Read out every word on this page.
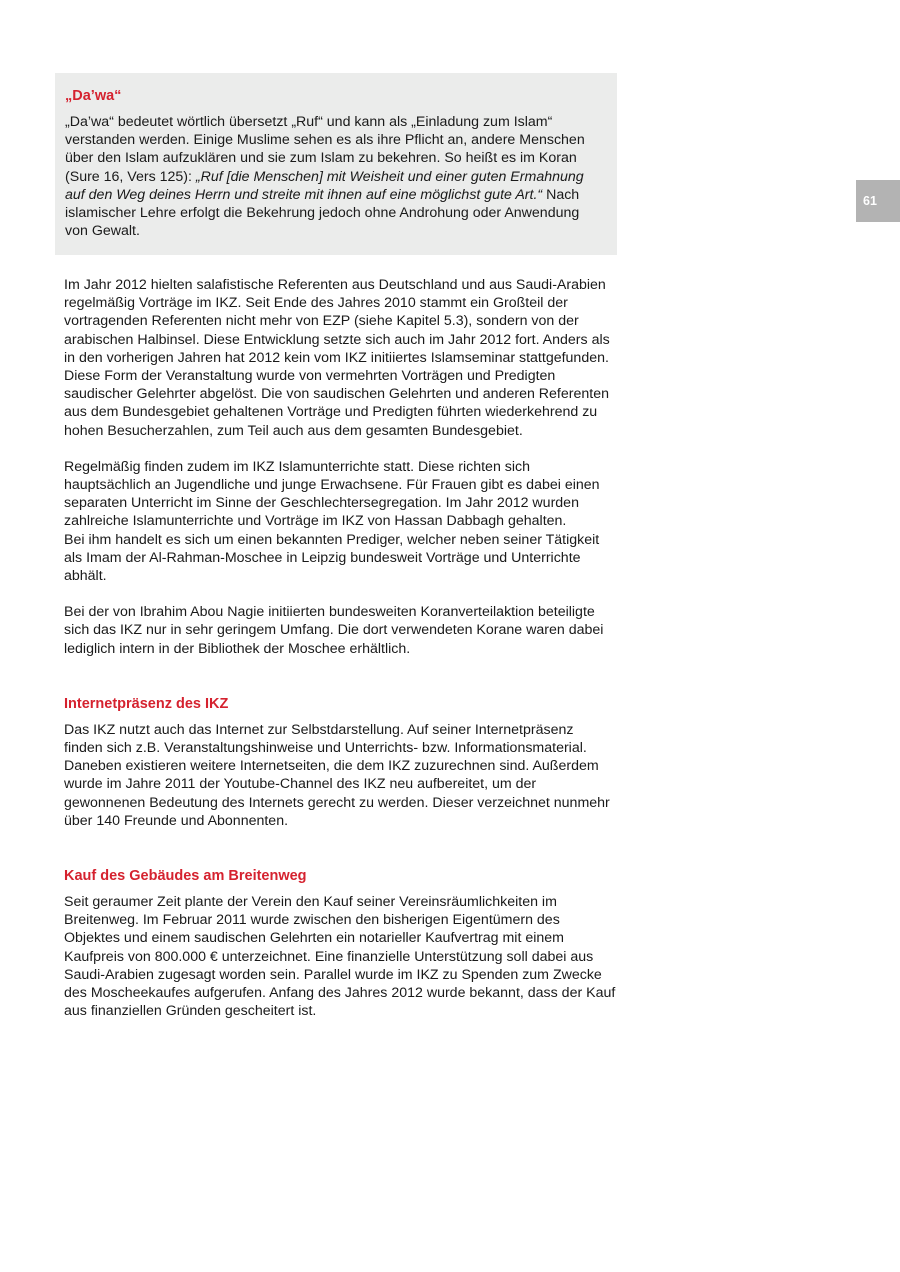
„Da’wa“

„Da’wa“ bedeutet wörtlich übersetzt „Ruf“ und kann als „Einladung zum Islam“ verstanden werden. Einige Muslime sehen es als ihre Pflicht an, andere Menschen über den Islam aufzuklären und sie zum Islam zu bekehren. So heißt es im Koran (Sure 16, Vers 125): „Ruf [die Menschen] mit Weisheit und einer guten Ermahnung auf den Weg deines Herrn und streite mit ihnen auf eine möglichst gute Art.“ Nach islamischer Lehre erfolgt die Bekehrung jedoch ohne Androhung oder Anwendung von Gewalt.

61

Im Jahr 2012 hielten salafistische Referenten aus Deutschland und aus Saudi-Arabien regelmäßig Vorträge im IKZ. Seit Ende des Jahres 2010 stammt ein Großteil der vortragenden Referenten nicht mehr von EZP (siehe Kapitel 5.3), sondern von der arabischen Halbinsel. Diese Entwicklung setzte sich auch im Jahr 2012 fort. Anders als in den vorherigen Jahren hat 2012 kein vom IKZ initiiertes Islamseminar stattgefunden. Diese Form der Veranstaltung wurde von vermehrten Vorträgen und Predigten saudischer Gelehrter abgelöst. Die von saudischen Gelehrten und anderen Referenten aus dem Bundesgebiet gehaltenen Vorträge und Predigten führten wiederkehrend zu hohen Besucherzahlen, zum Teil auch aus dem gesamten Bundesgebiet.

Regelmäßig finden zudem im IKZ Islamunterrichte statt. Diese richten sich hauptsächlich an Jugendliche und junge Erwachsene. Für Frauen gibt es dabei einen separaten Unterricht im Sinne der Geschlechtersegregation. Im Jahr 2012 wurden zahlreiche Islamunterrichte und Vorträge im IKZ von Hassan Dabbagh gehalten.
Bei ihm handelt es sich um einen bekannten Prediger, welcher neben seiner Tätigkeit als Imam der Al-Rahman-Moschee in Leipzig bundesweit Vorträge und Unterrichte abhält.

Bei der von Ibrahim Abou Nagie initiierten bundesweiten Koranverteilaktion beteiligte sich das IKZ nur in sehr geringem Umfang. Die dort verwendeten Korane waren dabei lediglich intern in der Bibliothek der Moschee erhältlich.

Internetpräsenz des IKZ

Das IKZ nutzt auch das Internet zur Selbstdarstellung. Auf seiner Internetpräsenz finden sich z.B. Veranstaltungshinweise und Unterrichts- bzw. Informationsmaterial. Daneben existieren weitere Internetseiten, die dem IKZ zuzurechnen sind. Außerdem wurde im Jahre 2011 der Youtube-Channel des IKZ neu aufbereitet, um der gewonnenen Bedeutung des Internets gerecht zu werden. Dieser verzeichnet nunmehr über 140 Freunde und Abonnenten.

Kauf des Gebäudes am Breitenweg

Seit geraumer Zeit plante der Verein den Kauf seiner Vereinsräumlichkeiten im Breitenweg. Im Februar 2011 wurde zwischen den bisherigen Eigentümern des Objektes und einem saudischen Gelehrten ein notarieller Kaufvertrag mit einem Kaufpreis von 800.000 € unterzeichnet. Eine finanzielle Unterstützung soll dabei aus Saudi-Arabien zugesagt worden sein. Parallel wurde im IKZ zu Spenden zum Zwecke des Moscheekaufes aufgerufen. Anfang des Jahres 2012 wurde bekannt, dass der Kauf aus finanziellen Gründen gescheitert ist.
